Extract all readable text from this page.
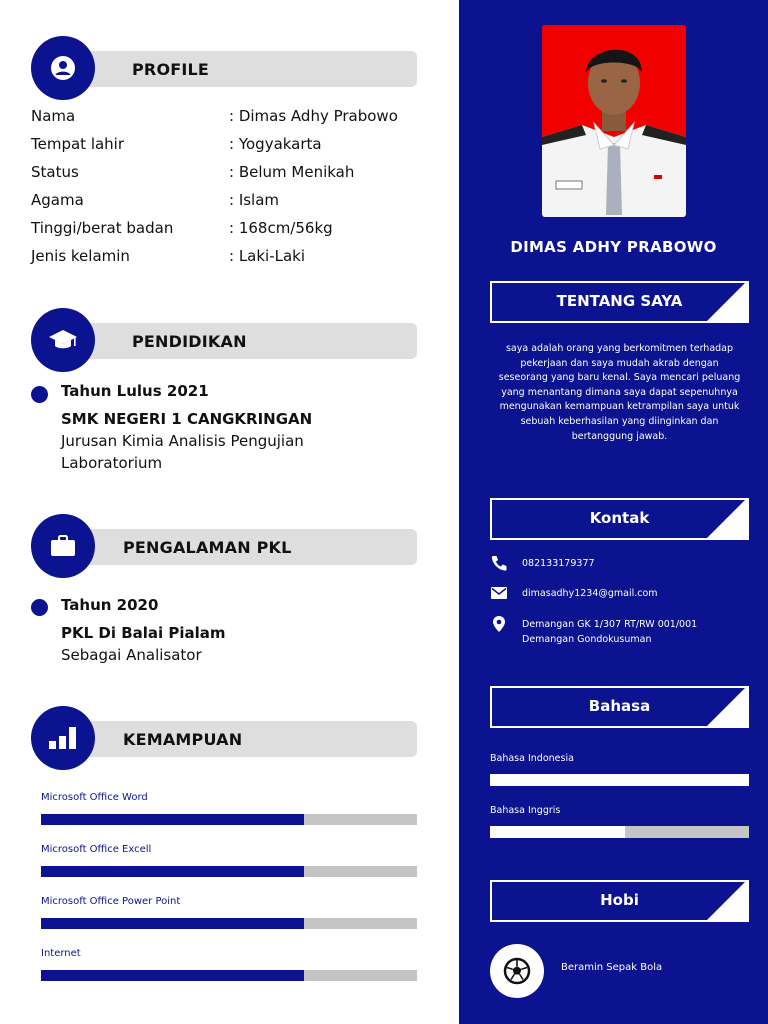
PROFILE
Nama	: Dimas Adhy Prabowo
Tempat lahir	: Yogyakarta
Status	: Belum Menikah
Agama	: Islam
Tinggi/berat badan	: 168cm/56kg
Jenis kelamin	: Laki-Laki
PENDIDIKAN
Tahun Lulus 2021
SMK NEGERI 1 CANGKRINGAN
Jurusan Kimia Analisis Pengujian
Laboratorium
PENGALAMAN PKL
Tahun 2020
PKL Di Balai Pialam
Sebagai Analisator
KEMAMPUAN
Microsoft Office Word
Microsoft Office Excell
Microsoft Office Power Point
Internet
DIMAS ADHY PRABOWO
TENTANG SAYA
saya adalah orang yang berkomitmen terhadap pekerjaan dan saya mudah akrab dengan seseorang yang baru kenal. Saya mencari peluang yang menantang dimana saya dapat sepenuhnya mengunakan kemampuan ketrampilan saya untuk sebuah keberhasilan yang diinginkan dan bertanggung jawab.
Kontak
082133179377
dimasadhy1234@gmail.com
Demangan GK 1/307 RT/RW 001/001
Demangan Gondokusuman
Bahasa
Bahasa Indonesia
Bahasa Inggris
Hobi
Beramin Sepak Bola
